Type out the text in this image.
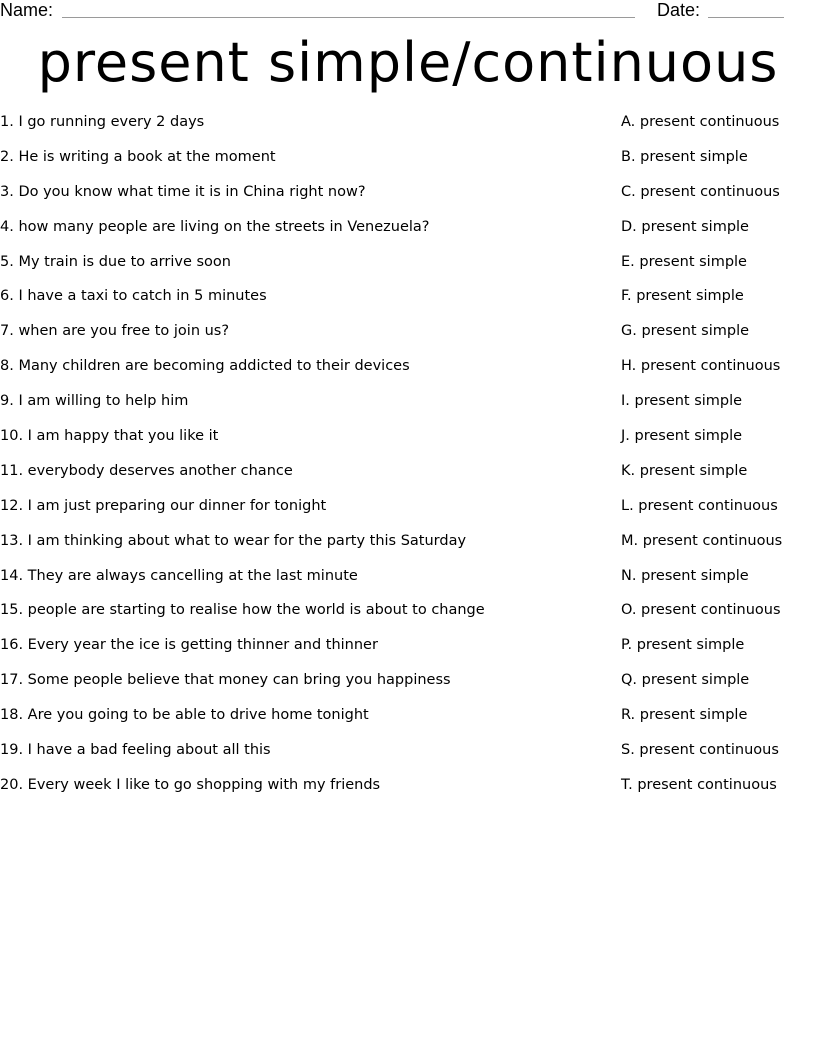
Name:	Date:
present simple/continuous
1. I go running every 2 days	A. present continuous
2. He is writing a book at the moment	B. present simple
3. Do you know what time it is in China right now?	C. present continuous
4. how many people are living on the streets in Venezuela?	D. present simple
5. My train is due to arrive soon	E. present simple
6. I have a taxi to catch in 5 minutes	F. present simple
7. when are you free to join us?	G. present simple
8. Many children are becoming addicted to their devices	H. present continuous
9. I am willing to help him	I. present simple
10. I am happy that you like it	J. present simple
11. everybody deserves another chance	K. present simple
12. I am just preparing our dinner for tonight	L. present continuous
13. I am thinking about what to wear for the party this Saturday	M. present continuous
14. They are always cancelling at the last minute	N. present simple
15. people are starting to realise how the world is about to change	O. present continuous
16. Every year the ice is getting thinner and thinner	P. present simple
17. Some people believe that money can bring you happiness	Q. present simple
18. Are you going to be able to drive home tonight	R. present simple
19. I have a bad feeling about all this	S. present continuous
20. Every week I like to go shopping with my friends	T. present continuous
